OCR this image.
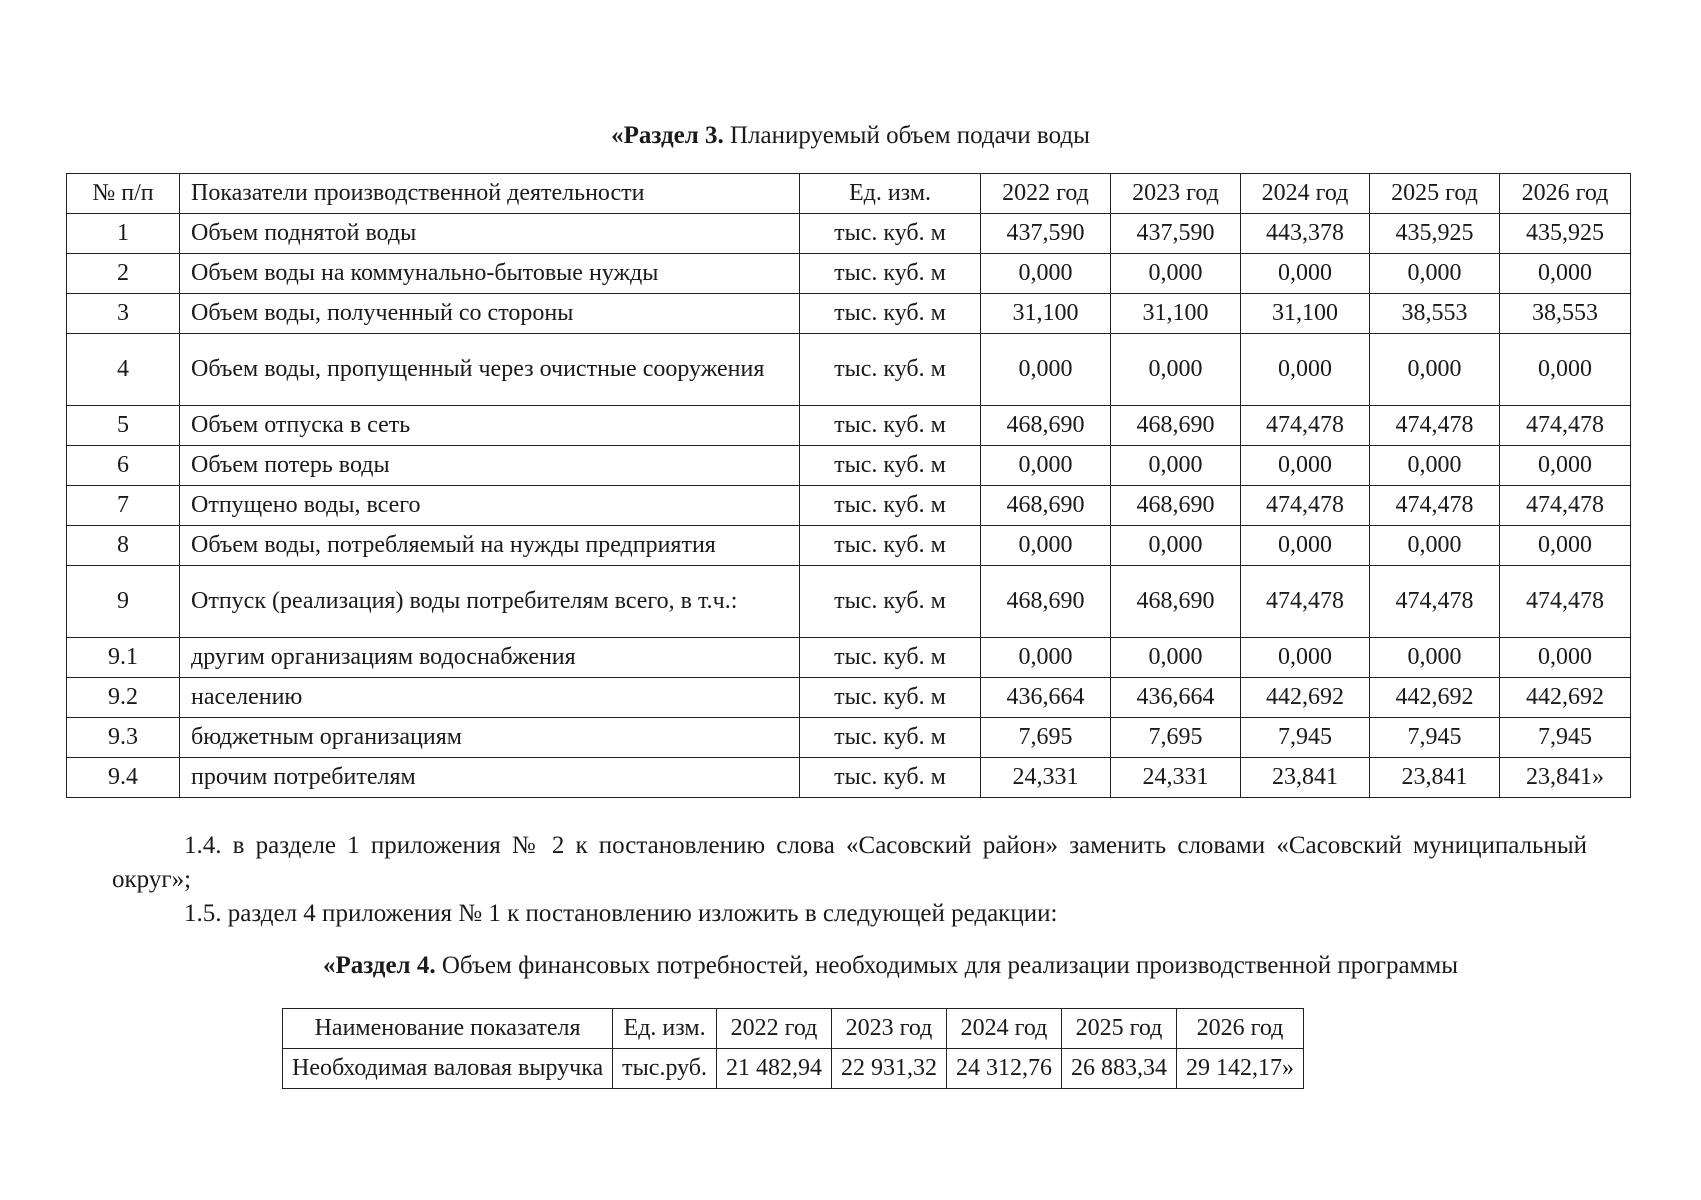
«Раздел 3. Планируемый объем подачи воды
№ п/п	Показатели производственной деятельности	Ед. изм.	2022 год	2023 год	2024 год	2025 год	2026 год
1	Объем поднятой воды	тыс. куб. м	437,590	437,590	443,378	435,925	435,925
2	Объем воды на коммунально-бытовые нужды	тыс. куб. м	0,000	0,000	0,000	0,000	0,000
3	Объем воды, полученный со стороны	тыс. куб. м	31,100	31,100	31,100	38,553	38,553
4	Объем воды, пропущенный через очистные сооружения	тыс. куб. м	0,000	0,000	0,000	0,000	0,000
5	Объем отпуска в сеть	тыс. куб. м	468,690	468,690	474,478	474,478	474,478
6	Объем потерь воды	тыс. куб. м	0,000	0,000	0,000	0,000	0,000
7	Отпущено воды, всего	тыс. куб. м	468,690	468,690	474,478	474,478	474,478
8	Объем воды, потребляемый на нужды предприятия	тыс. куб. м	0,000	0,000	0,000	0,000	0,000
9	Отпуск (реализация) воды потребителям всего, в т.ч.:	тыс. куб. м	468,690	468,690	474,478	474,478	474,478
9.1	другим организациям водоснабжения	тыс. куб. м	0,000	0,000	0,000	0,000	0,000
9.2	населению	тыс. куб. м	436,664	436,664	442,692	442,692	442,692
9.3	бюджетным организациям	тыс. куб. м	7,695	7,695	7,945	7,945	7,945
9.4	прочим потребителям	тыс. куб. м	24,331	24,331	23,841	23,841	23,841»

1.4. в разделе 1 приложения № 2 к постановлению слова «Сасовский район» заменить словами «Сасовский муниципальный округ»;

1.5. раздел 4 приложения № 1 к постановлению изложить в следующей редакции:

«Раздел 4. Объем финансовых потребностей, необходимых для реализации производственной программы
Наименование показателя	Ед. изм.	2022 год	2023 год	2024 год	2025 год	2026 год
Необходимая валовая выручка	тыс.руб.	21 482,94	22 931,32	24 312,76	26 883,34	29 142,17»
